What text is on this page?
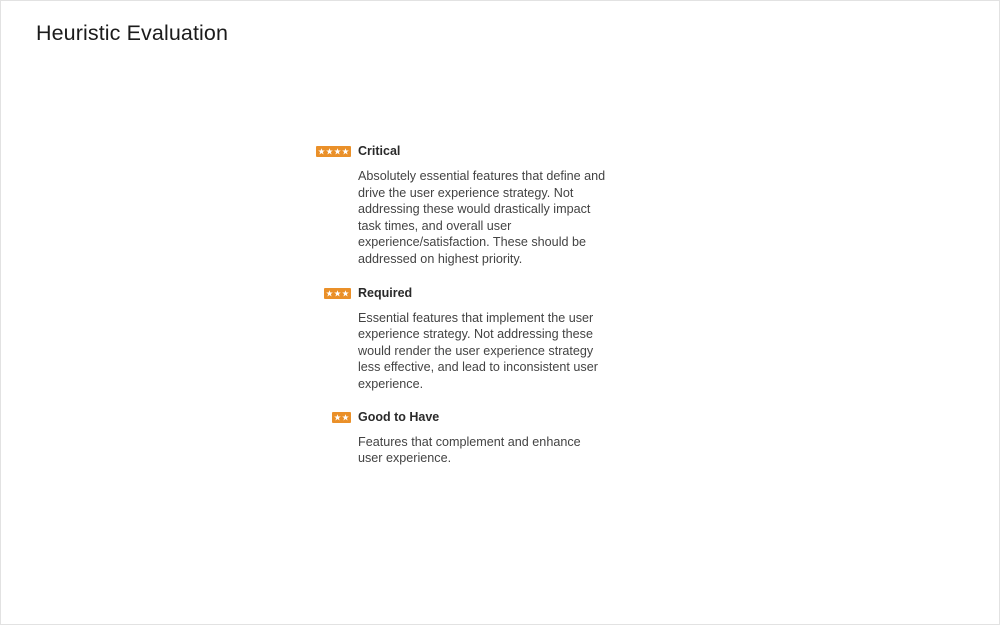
Heuristic Evaluation
Critical
Absolutely essential features that define and drive the user experience strategy. Not addressing these would drastically impact task times, and overall user experience/satisfaction. These should be addressed on highest priority.
Required
Essential features that implement the user experience strategy. Not addressing these would render the user experience strategy less effective, and lead to inconsistent user experience.
Good to Have
Features that complement and enhance user experience.
